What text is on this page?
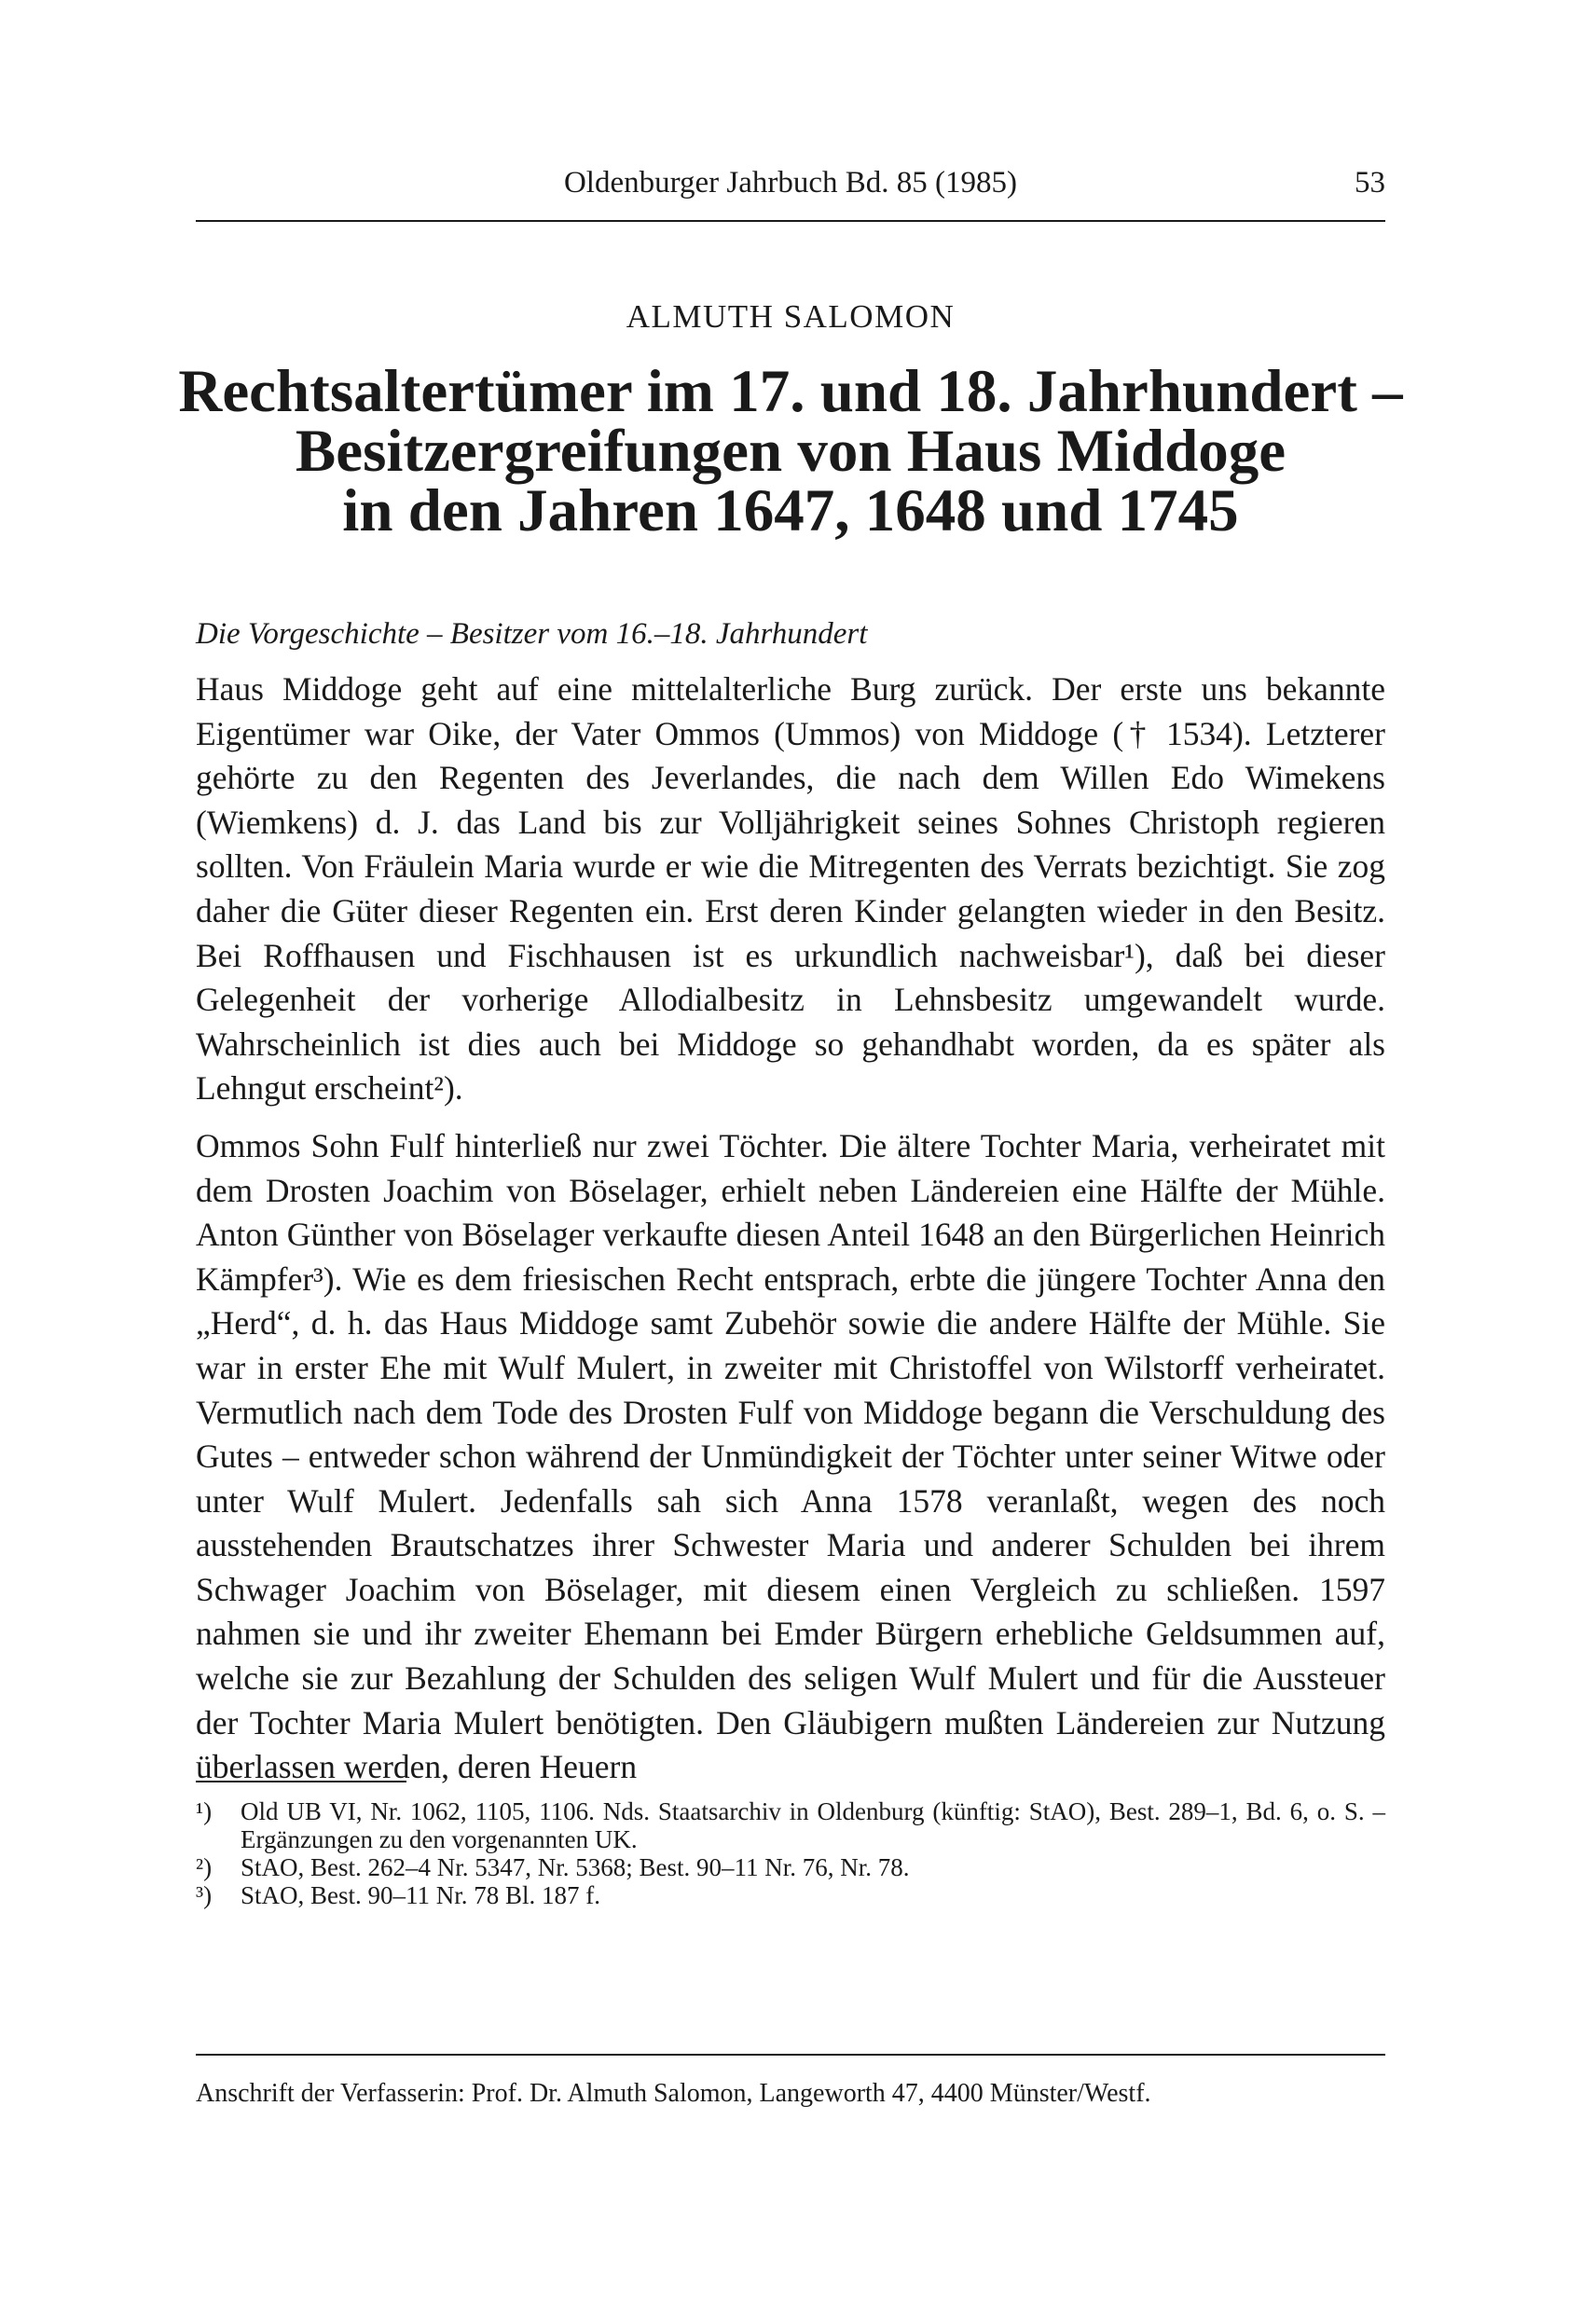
Oldenburger Jahrbuch Bd. 85 (1985)	53
ALMUTH SALOMON
Rechtsaltertümer im 17. und 18. Jahrhundert –
Besitzergreifungen von Haus Middoge
in den Jahren 1647, 1648 und 1745
Die Vorgeschichte – Besitzer vom 16.–18. Jahrhundert

Haus Middoge geht auf eine mittelalterliche Burg zurück. Der erste uns bekannte Eigentümer war Oike, der Vater Ommos (Ummos) von Middoge († 1534). Letzterer gehörte zu den Regenten des Jeverlandes, die nach dem Willen Edo Wimekens (Wiemkens) d. J. das Land bis zur Volljährigkeit seines Sohnes Christoph regieren sollten. Von Fräulein Maria wurde er wie die Mitregenten des Verrats bezichtigt. Sie zog daher die Güter dieser Regenten ein. Erst deren Kinder gelangten wieder in den Besitz. Bei Roffhausen und Fischhausen ist es urkundlich nachweisbar¹), daß bei dieser Gelegenheit der vorherige Allodialbesitz in Lehnsbesitz umgewandelt wurde. Wahrscheinlich ist dies auch bei Middoge so gehandhabt worden, da es später als Lehngut erscheint²).

Ommos Sohn Fulf hinterließ nur zwei Töchter. Die ältere Tochter Maria, verheiratet mit dem Drosten Joachim von Böselager, erhielt neben Ländereien eine Hälfte der Mühle. Anton Günther von Böselager verkaufte diesen Anteil 1648 an den Bürgerlichen Heinrich Kämpfer³). Wie es dem friesischen Recht entsprach, erbte die jüngere Tochter Anna den „Herd“, d. h. das Haus Middoge samt Zubehör sowie die andere Hälfte der Mühle. Sie war in erster Ehe mit Wulf Mulert, in zweiter mit Christoffel von Wilstorff verheiratet. Vermutlich nach dem Tode des Drosten Fulf von Middoge begann die Verschuldung des Gutes – entweder schon während der Unmündigkeit der Töchter unter seiner Witwe oder unter Wulf Mulert. Jedenfalls sah sich Anna 1578 veranlaßt, wegen des noch ausstehenden Brautschatzes ihrer Schwester Maria und anderer Schulden bei ihrem Schwager Joachim von Böselager, mit diesem einen Vergleich zu schließen. 1597 nahmen sie und ihr zweiter Ehemann bei Emder Bürgern erhebliche Geldsummen auf, welche sie zur Bezahlung der Schulden des seligen Wulf Mulert und für die Aussteuer der Tochter Maria Mulert benötigten. Den Gläubigern mußten Ländereien zur Nutzung überlassen werden, deren Heuern

¹) Old UB VI, Nr. 1062, 1105, 1106. Nds. Staatsarchiv in Oldenburg (künftig: StAO), Best. 289–1, Bd. 6, o. S. – Ergänzungen zu den vorgenannten UK.
²) StAO, Best. 262–4 Nr. 5347, Nr. 5368; Best. 90–11 Nr. 76, Nr. 78.
³) StAO, Best. 90–11 Nr. 78 Bl. 187 f.
Anschrift der Verfasserin: Prof. Dr. Almuth Salomon, Langeworth 47, 4400 Münster/Westf.
